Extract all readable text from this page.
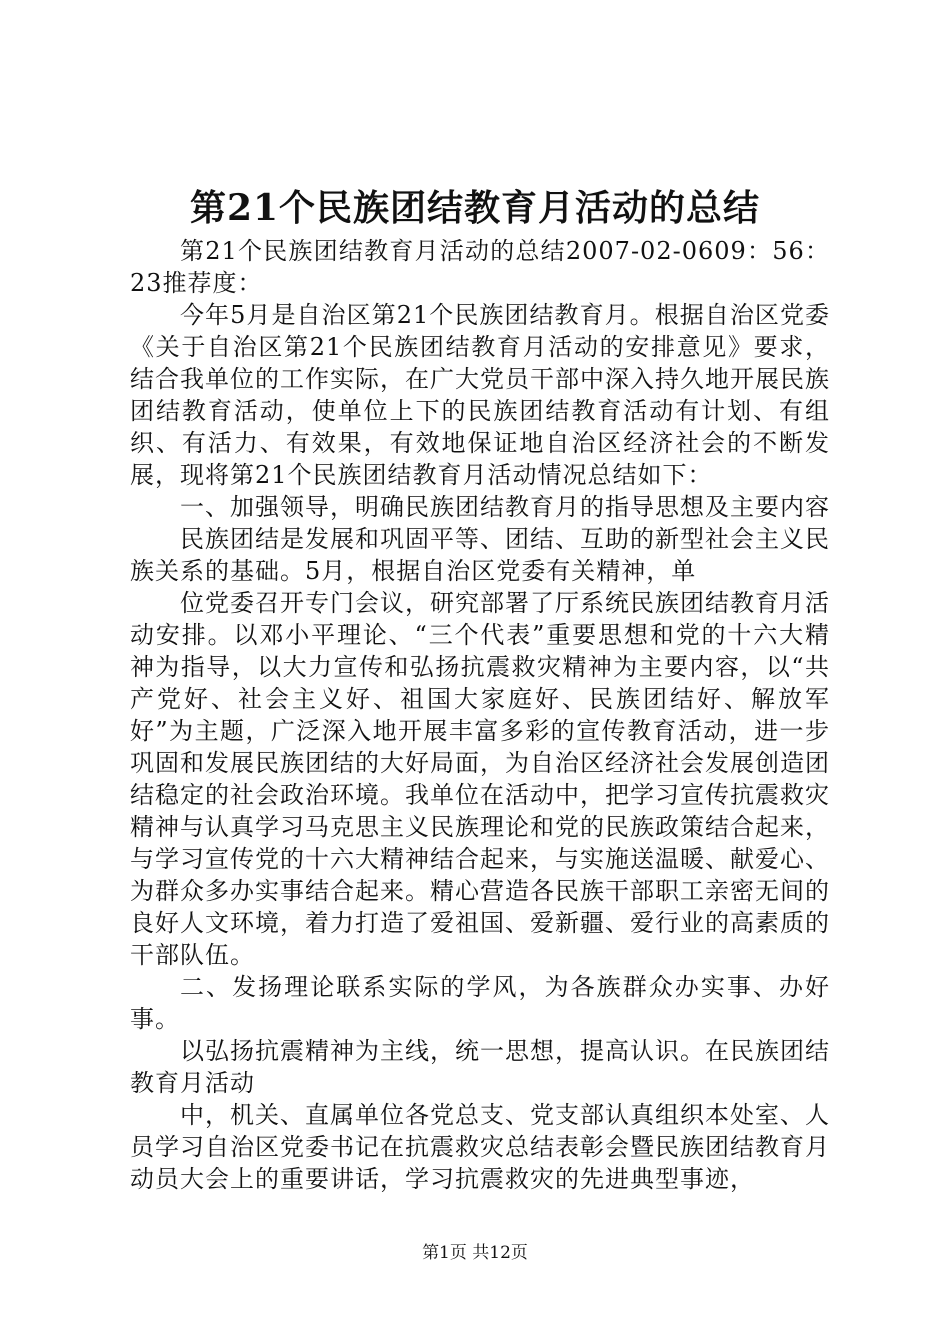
第21个民族团结教育月活动的总结

第21个民族团结教育月活动的总结2007-02-0609：56：23推荐度：

今年5月是自治区第21个民族团结教育月。根据自治区党委《关于自治区第21个民族团结教育月活动的安排意见》要求，结合我单位的工作实际，在广大党员干部中深入持久地开展民族团结教育活动，使单位上下的民族团结教育活动有计划、有组织、有活力、有效果，有效地保证地自治区经济社会的不断发展，现将第21个民族团结教育月活动情况总结如下：

一、加强领导，明确民族团结教育月的指导思想及主要内容

民族团结是发展和巩固平等、团结、互助的新型社会主义民族关系的基础。5月，根据自治区党委有关精神，单

位党委召开专门会议，研究部署了厅系统民族团结教育月活动安排。以邓小平理论、“三个代表”重要思想和党的十六大精神为指导，以大力宣传和弘扬抗震救灾精神为主要内容，以“共产党好、社会主义好、祖国大家庭好、民族团结好、解放军好”为主题，广泛深入地开展丰富多彩的宣传教育活动，进一步巩固和发展民族团结的大好局面，为自治区经济社会发展创造团结稳定的社会政治环境。我单位在活动中，把学习宣传抗震救灾精神与认真学习马克思主义民族理论和党的民族政策结合起来，与学习宣传党的十六大精神结合起来，与实施送温暖、献爱心、为群众多办实事结合起来。精心营造各民族干部职工亲密无间的良好人文环境，着力打造了爱祖国、爱新疆、爱行业的高素质的干部队伍。

二、发扬理论联系实际的学风，为各族群众办实事、办好事。

以弘扬抗震精神为主线，统一思想，提高认识。在民族团结教育月活动

中，机关、直属单位各党总支、党支部认真组织本处室、人员学习自治区党委书记在抗震救灾总结表彰会暨民族团结教育月动员大会上的重要讲话，学习抗震救灾的先进典型事迹，

第1页 共12页
